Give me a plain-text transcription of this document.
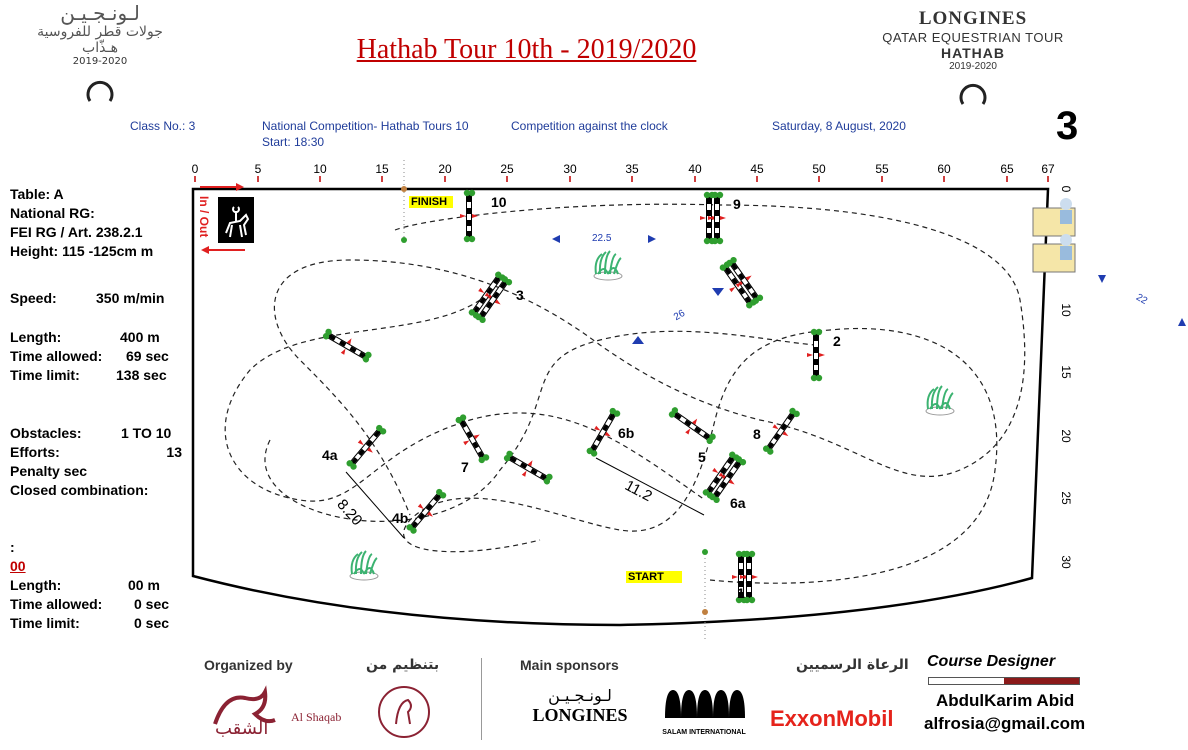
لـونـجـيـن
جولات قطر للفروسية
هـذّاب
2019-2020
LONGINES
QATAR EQUESTRIAN TOUR
HATHAB
2019-2020
Hathab Tour 10th - 2019/2020
Class No.: 3	National Competition- Hathab Tours 10	Competition against the clock
Start: 18:30
Saturday, 8 August, 2020	3
Table: A
National RG:
FEI RG / Art. 238.2.1
Height: 115 -125cm m
Speed:	350 m/min
Length:	400 m
Time allowed:	69 sec
Time limit:	138 sec
Obstacles:	1 TO 10
Efforts:	13
Penalty sec
Closed combination:
:
00
Length:	00 m
Time allowed:	0 sec
Time limit:	0 sec
0	5	10	15	20	25	30	35	40	45	50	55	60	65 67
0
10
15
20
25
30
In / Out	FINISH
START
10	9
3
2
4a
4b
7
6b
5
8
6a
1
8.20
11.2
22.5
26
22
Organized by	بتنظيم من
الشقب
Al Shaqab
Main sponsors	الرعاة الرسميين
لـونـجـيـن
LONGINES
SALAM INTERNATIONAL
ExxonMobil
Course Designer
AbdulKarim Abid
alfrosia@gmail.com
